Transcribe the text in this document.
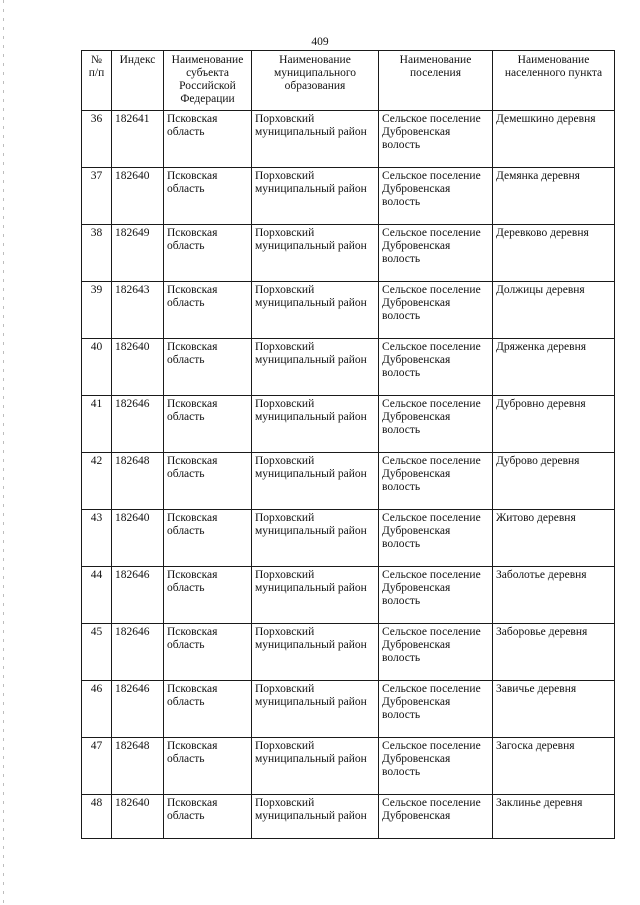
409
№ п/п	Индекс	Наименование субъекта Российской Федерации	Наименование муниципального образования	Наименование поселения	Наименование населенного пункта
36	182641	Псковская область	Порховский муниципальный район	Сельское поселение Дубровенская волость	Демешкино деревня
37	182640	Псковская область	Порховский муниципальный район	Сельское поселение Дубровенская волость	Демянка деревня
38	182649	Псковская область	Порховский муниципальный район	Сельское поселение Дубровенская волость	Деревково деревня
39	182643	Псковская область	Порховский муниципальный район	Сельское поселение Дубровенская волость	Должицы деревня
40	182640	Псковская область	Порховский муниципальный район	Сельское поселение Дубровенская волость	Дряженка деревня
41	182646	Псковская область	Порховский муниципальный район	Сельское поселение Дубровенская волость	Дубровно деревня
42	182648	Псковская область	Порховский муниципальный район	Сельское поселение Дубровенская волость	Дуброво деревня
43	182640	Псковская область	Порховский муниципальный район	Сельское поселение Дубровенская волость	Житово деревня
44	182646	Псковская область	Порховский муниципальный район	Сельское поселение Дубровенская волость	Заболотье деревня
45	182646	Псковская область	Порховский муниципальный район	Сельское поселение Дубровенская волость	Заборовье деревня
46	182646	Псковская область	Порховский муниципальный район	Сельское поселение Дубровенская волость	Завичье деревня
47	182648	Псковская область	Порховский муниципальный район	Сельское поселение Дубровенская волость	Загоска деревня
48	182640	Псковская область	Порховский муниципальный район	Сельское поселение Дубровенская	Заклинье деревня
